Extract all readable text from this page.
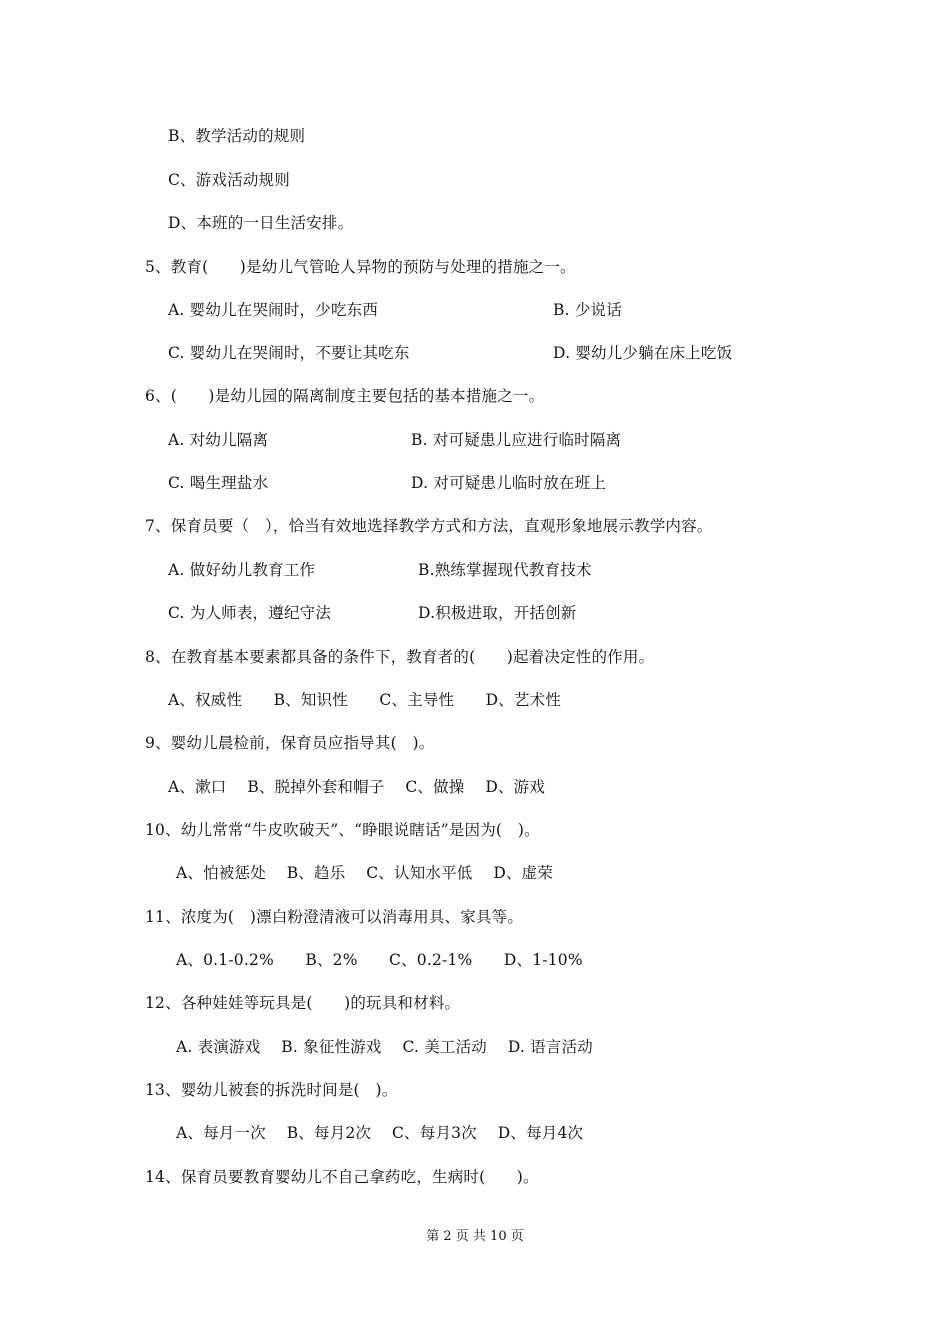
B、教学活动的规则
C、游戏活动规则
D、本班的一日生活安排。
5、教育(　　)是幼儿气管呛人异物的预防与处理的措施之一。
A. 婴幼儿在哭闹时，少吃东西	B. 少说话
C. 婴幼儿在哭闹时，不要让其吃东	D. 婴幼儿少躺在床上吃饭
6、(　　)是幼儿园的隔离制度主要包括的基本措施之一。
A. 对幼儿隔离	B. 对可疑患儿应进行临时隔离
C. 喝生理盐水	D. 对可疑患儿临时放在班上
7、保育员要（　），恰当有效地选择教学方式和方法，直观形象地展示教学内容。
A. 做好幼儿教育工作	B.熟练掌握现代教育技术
C. 为人师表，遵纪守法	D.积极进取，开括创新
8、在教育基本要素都具备的条件下，教育者的(　　)起着决定性的作用。
A、权威性　　B、知识性　　C、主导性　　D、艺术性
9、婴幼儿晨检前，保育员应指导其(　)。
A、漱口　 B、脱掉外套和帽子　 C、做操　 D、游戏
10、幼儿常常“牛皮吹破天”、“睁眼说瞎话”是因为(　)。
A、怕被惩处　 B、趋乐　 C、认知水平低　 D、虚荣
11、浓度为(　)漂白粉澄清液可以消毒用具、家具等。
A、0.1-0.2%　　B、2%　　C、0.2-1%　　D、1-10%
12、各种娃娃等玩具是(　　)的玩具和材料。
A. 表演游戏　 B. 象征性游戏　 C. 美工活动　 D. 语言活动
13、婴幼儿被套的拆洗时间是(　)。
A、每月一次　 B、每月2次　 C、每月3次　 D、每月4次
14、保育员要教育婴幼儿不自己拿药吃，生病时(　　)。
第 2 页 共 10 页
